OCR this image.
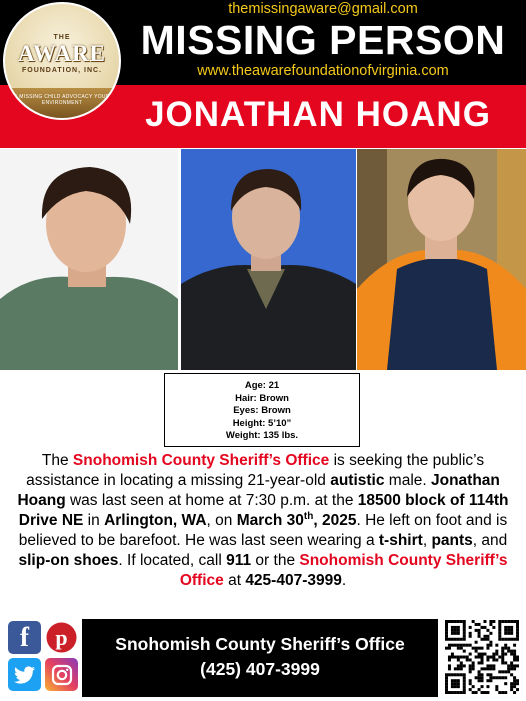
THE
AWARE
FOUNDATION, INC.
A MISSING CHILD ADVOCACY YOUR ENVIRONMENT
themissingaware@gmail.com
MISSING PERSON
www.theawarefoundationofvirginia.com
JONATHAN HOANG
Age: 21
Hair: Brown
Eyes: Brown
Height: 5’10”
Weight: 135 lbs.
The Snohomish County Sheriff’s Office is seeking the public’s assistance in locating a missing 21-year-old autistic male. Jonathan Hoang was last seen at home at 7:30 p.m. at the 18500 block of 114th Drive NE in Arlington, WA, on March 30th, 2025. He left on foot and is believed to be barefoot. He was last seen wearing a t-shirt, pants, and slip-on shoes. If located, call 911 or the Snohomish County Sheriff’s Office at 425-407-3999.
f	p	Snohomish County Sheriff’s Office
(425) 407-3999
